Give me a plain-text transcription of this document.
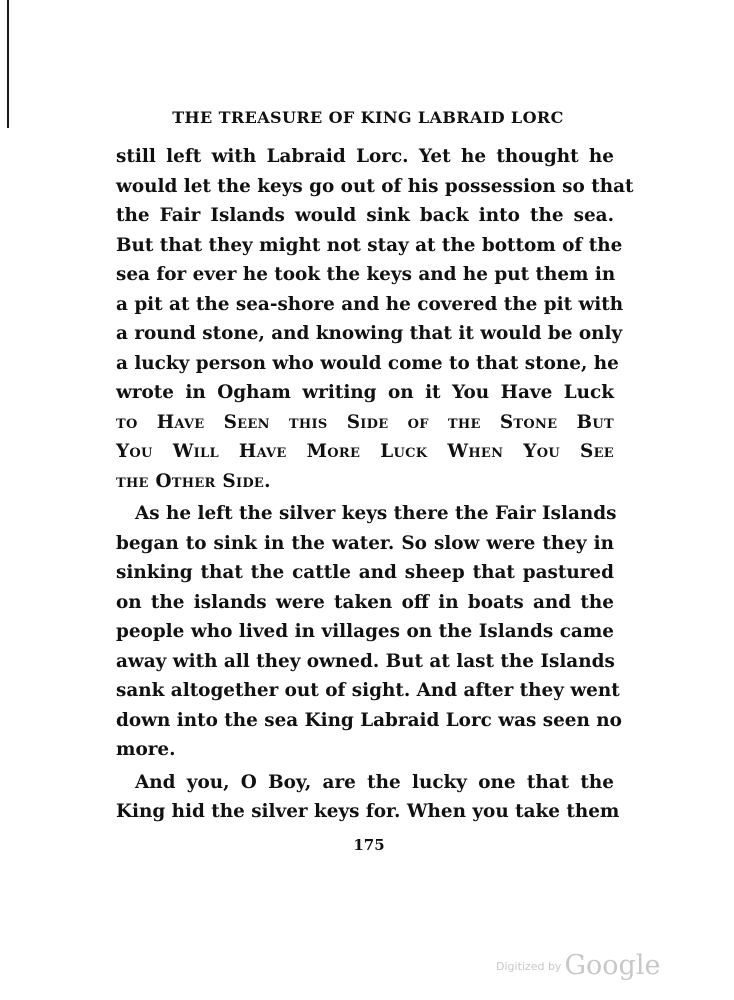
THE TREASURE OF KING LABRAID LORC
still left with Labraid Lorc. Yet he thought he
would let the keys go out of his possession so that
the Fair Islands would sink back into the sea.
But that they might not stay at the bottom of the
sea for ever he took the keys and he put them in
a pit at the sea-shore and he covered the pit with
a round stone, and knowing that it would be only
a lucky person who would come to that stone, he
wrote in Ogham writing on it You Have Luck
to Have Seen this Side of the Stone But
You Will Have More Luck When You See
the Other Side.
As he left the silver keys there the Fair Islands
began to sink in the water. So slow were they in
sinking that the cattle and sheep that pastured
on the islands were taken off in boats and the
people who lived in villages on the Islands came
away with all they owned. But at last the Islands
sank altogether out of sight. And after they went
down into the sea King Labraid Lorc was seen no
more.
And you, O Boy, are the lucky one that the
King hid the silver keys for. When you take them
175
$^{Digitized by}$ Google
